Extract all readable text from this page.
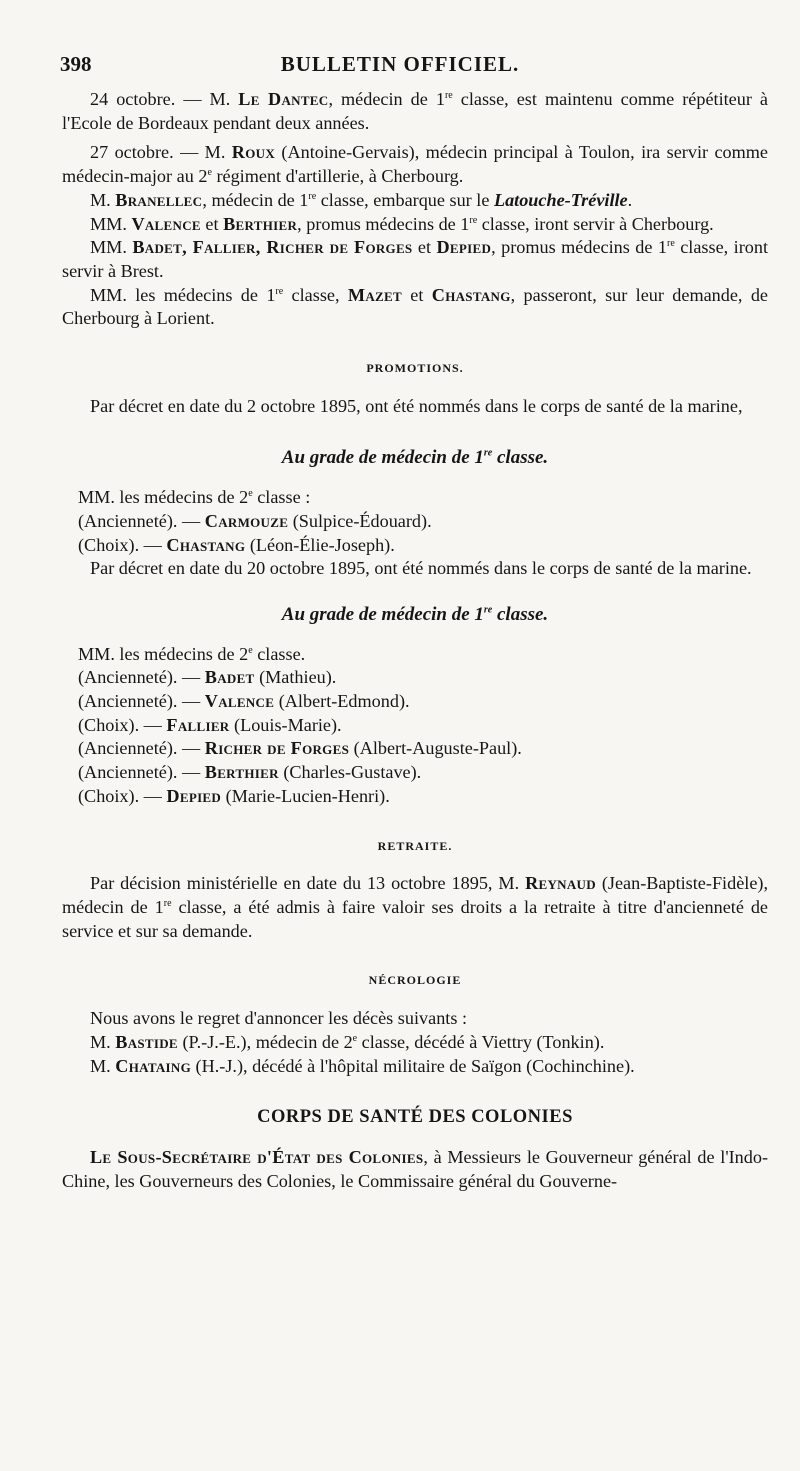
398	BULLETIN OFFICIEL.

24 octobre. — M. Le Dantec, médecin de 1re classe, est maintenu comme répétiteur à l'Ecole de Bordeaux pendant deux années.

27 octobre. — M. Roux (Antoine-Gervais), médecin principal à Toulon, ira servir comme médecin-major au 2e régiment d'artillerie, à Cherbourg.

M. Branellec, médecin de 1re classe, embarque sur le Latouche-Tréville.

MM. Valence et Berthier, promus médecins de 1re classe, iront servir à Cherbourg.

MM. Badet, Fallier, Richer de Forges et Depied, promus médecins de 1re classe, iront servir à Brest.

MM. les médecins de 1re classe, Mazet et Chastang, passeront, sur leur demande, de Cherbourg à Lorient.

PROMOTIONS.

Par décret en date du 2 octobre 1895, ont été nommés dans le corps de santé de la marine,

Au grade de médecin de 1re classe.

MM. les médecins de 2e classe :

(Ancienneté). — Carmouze (Sulpice-Édouard).

(Choix). — Chastang (Léon-Élie-Joseph).

Par décret en date du 20 octobre 1895, ont été nommés dans le corps de santé de la marine.

Au grade de médecin de 1re classe.

MM. les médecins de 2e classe.

(Ancienneté). — Badet (Mathieu).

(Ancienneté). — Valence (Albert-Edmond).

(Choix). — Fallier (Louis-Marie).

(Ancienneté). — Richer de Forges (Albert-Auguste-Paul).

(Ancienneté). — Berthier (Charles-Gustave).

(Choix). — Depied (Marie-Lucien-Henri).

RETRAITE.

Par décision ministérielle en date du 13 octobre 1895, M. Reynaud (Jean-Baptiste-Fidèle), médecin de 1re classe, a été admis à faire valoir ses droits a la retraite à titre d'ancienneté de service et sur sa demande.

NÉCROLOGIE

Nous avons le regret d'annoncer les décès suivants :

M. Bastide (P.-J.-E.), médecin de 2e classe, décédé à Viettry (Tonkin).

M. Chataing (H.-J.), décédé à l'hôpital militaire de Saïgon (Cochinchine).

CORPS DE SANTÉ DES COLONIES

Le Sous-Secrétaire d'État des Colonies, à Messieurs le Gouverneur général de l'Indo-Chine, les Gouverneurs des Colonies, le Commissaire général du Gouverne-
